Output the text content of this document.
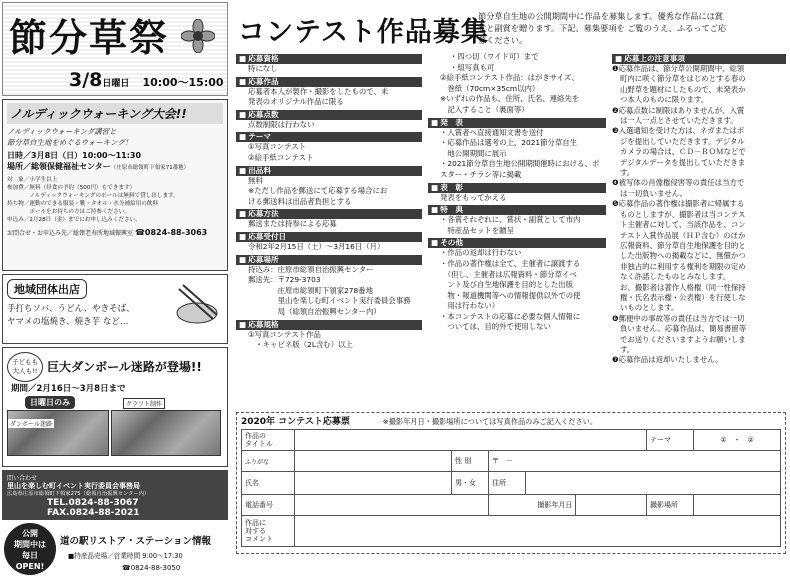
節分草祭
3/8日曜日 10:00～15:00
ノルディックウォーキング大会!!
ノルディックウォーキング講習と
節分草自生地をめぐるウォーキング！
日時／3月8日（日）10:00～11:30
場所／総領保健福祉センター（庄原市総領町下領家71番地）
対　象／小学生以上
参加費／無料（昼食の予約（500円）もできます）
　　　　ノルディックウォーキングのポールは無料で貸し出します。
持ち物／運動のできる服装・靴・タオル・水分補給用の飲料
　　　　ポールをお持ちの方はご持参ください。
申込み／2月28日（金）までにお申し込みください。
お問合せ・お申込み先／総領老寿所地域振興室 ☎0824-88-3063
地域団体出店
手打ちソバ、うどん、やきそば、
ヤマメの塩焼き、焼き芋 など…
子どもも
大人も!! 巨大ダンボール迷路が登場!!
期間／2月16日～3月8日まで
日曜日のみ	クラフト制作
ダンボール迷路
問い合わせ
里山を楽しむ町イベント実行委員会事務局
広島県庄原市総領町下領家275（総領自治振興センター内）
TEL.0824-88-3067
FAX.0824-88-2021
公開
期間中は
毎日
OPEN!
道の駅リストア・ステーション情報
■特産品売場／営業時間 9:00～17:30
☎0824-88-3050
コンテスト作品募集
節分草自生地の公開期間中に作品を募集します。優秀な作品には賞
状と副賞を贈ります。下記、募集要項を ご覧のうえ、ふるってご応
募ください。
■ 応募資格
特になし
■ 応募作品
応募者本人が製作・撮影をしたもので、未
発表のオリジナル作品に限る
■ 応募点数
点数制限は行わない
■ テーマ
①写真コンテスト
②絵手紙コンテスト
■ 出品料
無料
※ただし作品を郵送にて応募する場合にお
ける郵送料は出品者負担とする
■ 応募方法
郵送または持参による応募
■ 応募受付日
令和2年2月15日（土）～3月16日（月）
■ 応募場所
持込み：庄原市総領自治振興センター
郵送先：〒729-3703
　　　　庄原市総領町下領家278番地
　　　　里山を楽しむ町イベント実行委員会事務
　　　　局（総領自治振興センター内）
■ 応募規格
①写真コンテスト作品
　・キャビネ版（2L含む）以上
・四つ切（ワイド可）まで
・組写真も可
②絵手紙コンテスト作品：はがきサイズ、
　巻紙（70cm×35cm以内）
※いずれの作品も、住所、氏名、連絡先を
　記入すること（裏面等）
■ 発　表
・入賞者へ直接通知文書を送付
・応募作品は選考の上、2021節分草自生
　地公開期間に展示
・2021節分草自生地公開期間催時における、ポスター・チラシ等に掲載
■ 表　彰
発表をもってかえる
■ 特　典
・各賞それぞれに、賞状・副賞として市内
　特産品セットを贈呈
■ その他
・作品の返却は行わない
・作品の著作権は全て、主催者に譲渡する
　（但し、主催者は広報資料・節分草イベ
　ント及び自生地保護を目的とした出版
　物・報道機関等への情報提供以外での使
　用は行わない）
・本コンテストの応募に必要な個人情報に
　ついては、目的外で使用しない
■ 応募上の注意事項
❶応募作品は、節分草公開期間中、総領
町内に咲く節分草をはじめとする春の
山野草を題材にしたもので、未発表か
つ本人のものに限ります。
❷応募点数に制限はありませんが、入賞
は一人一点とさせていただきます。
❸入選通知を受けた方は、ネガまたはポ
ジを提出していただきます。デジタル
カメラの場合は、ＣＤ－ＲＯＭなどで
デジタルデータを提出していただきま
す。
❹被写体の肖像権侵害等の責任は当方で
は一切負いません。
❺応募作品の著作権は撮影者に帰属する
ものとしますが、撮影者は当コンテス
ト主催者に対して、当該作品を、コン
テスト入賞作品展（ＨＰ含む）のほか
広報資料、節分草自生地保護を目的と
した出版物への掲載などに、無償かつ
非独占的に利用する権利を期限の定め
なく許諾したものとみなします。
お、撮影者は著作人格権（同一性保持
権・氏名表示権・公表権）を行使しな
いものとします。
❻郵便中の事故等の責任は当方では一切
負いません。応募作品は、簡易書留等
でお送りくださいますようお願いしま
す。
❼応募作品は返却いたしません。
2020年 コンテスト応募票	※撮影年月日・撮影場所については写真作品のみご記入ください。
作品の
タイトル						テーマ	①　・　②
ふりがな		性 別	〒　－				
氏名		男・女	住所				
電話番号			撮影年月日			撮影場所	
作品に
対する
コメント							
